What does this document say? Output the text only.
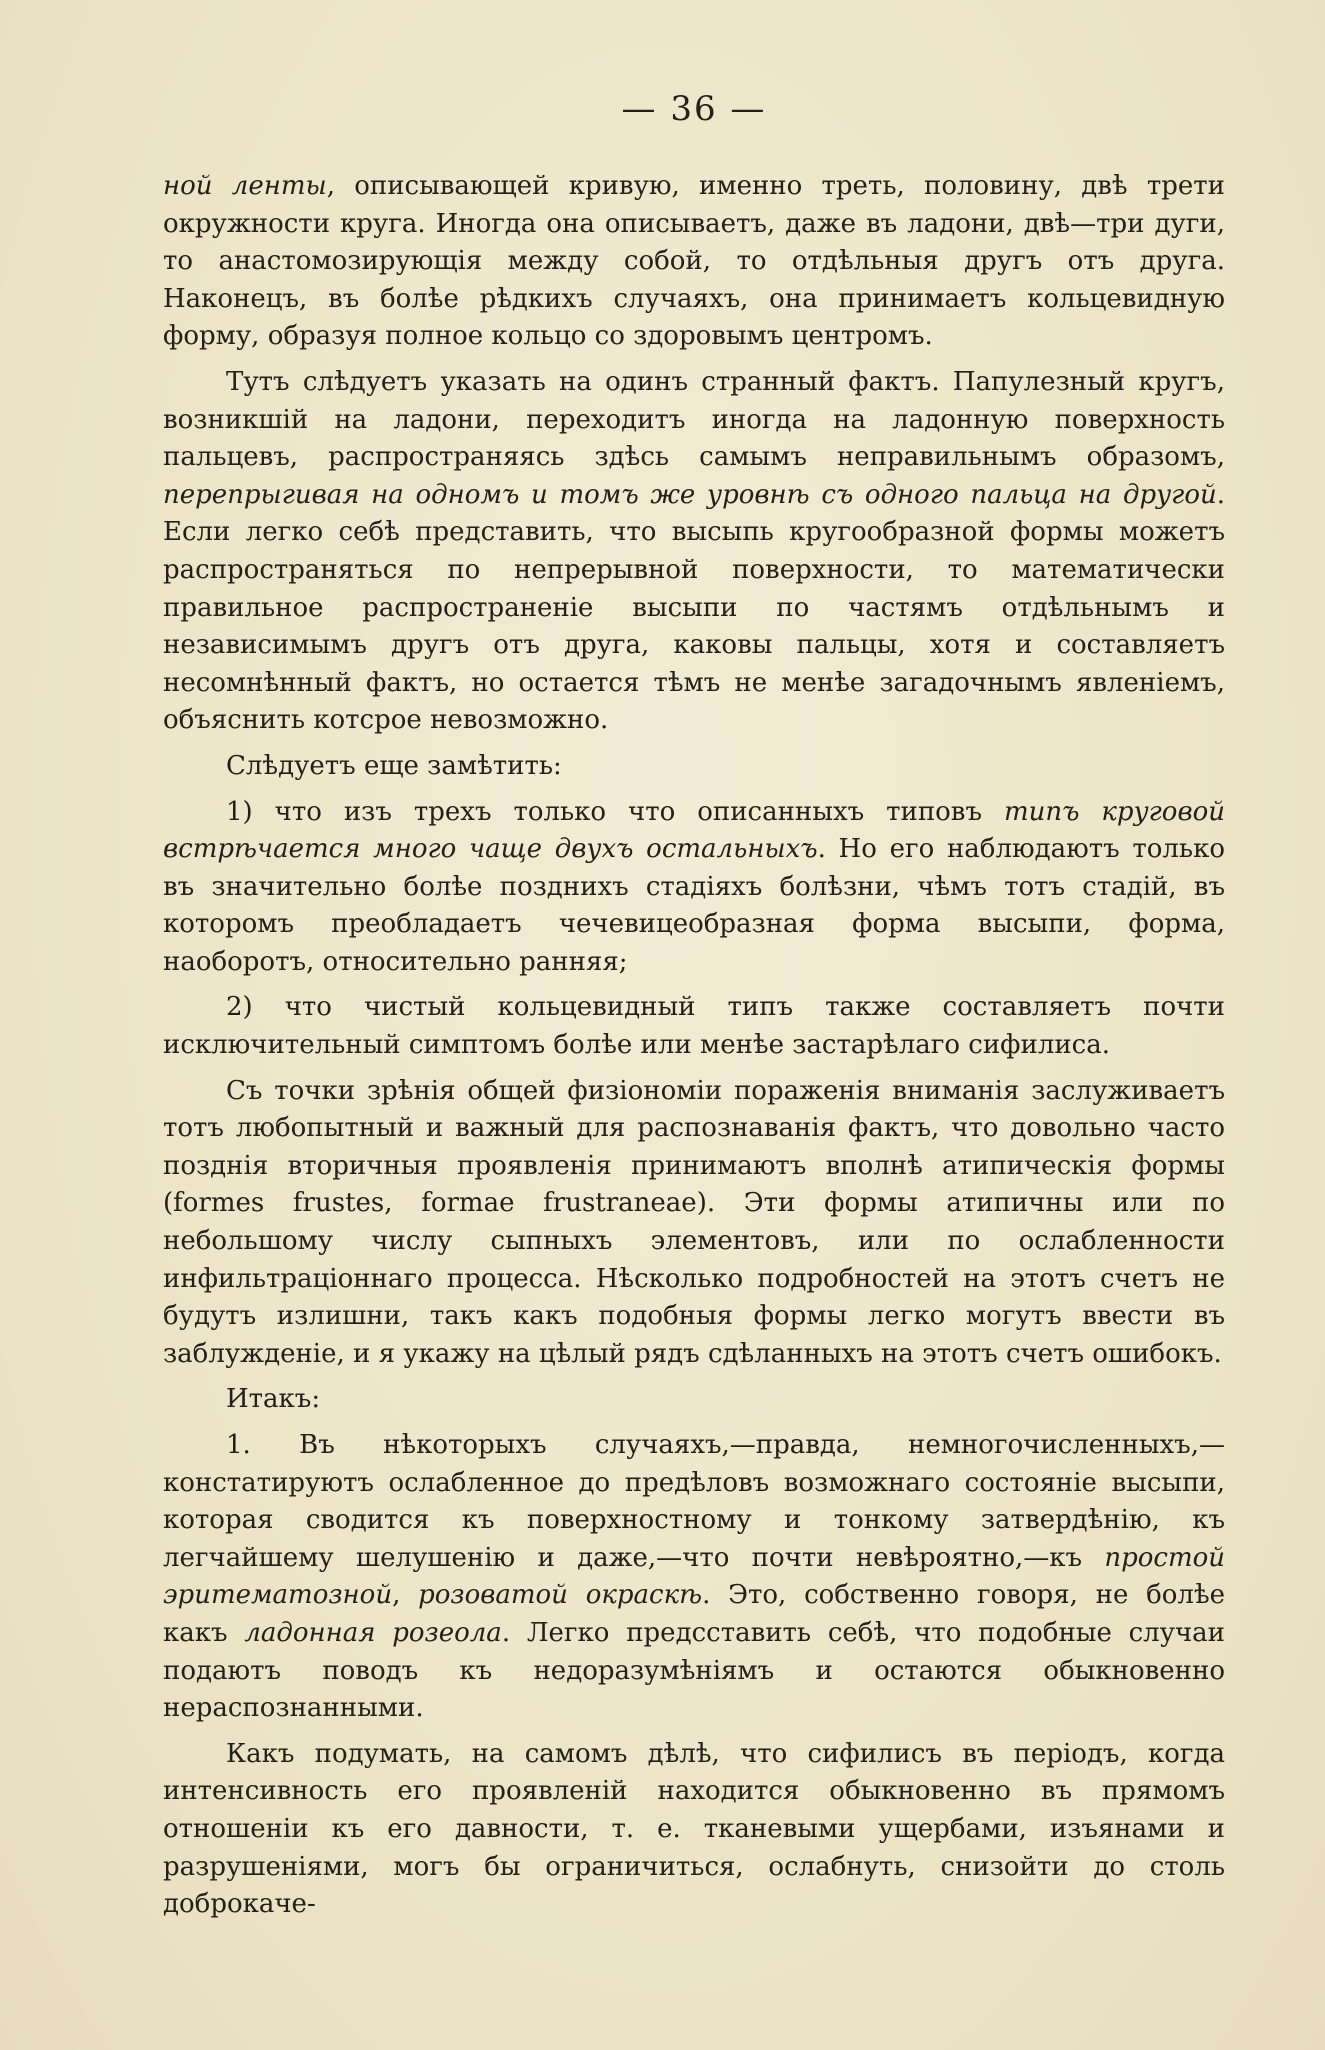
— 36 —

ной ленты, описывающей кривую, именно треть, половину, двѣ трети окружности круга. Иногда она описываетъ, даже въ ладони, двѣ—три дуги, то анастомозирующія между собой, то отдѣльныя другъ отъ друга. Наконецъ, въ болѣе рѣдкихъ случаяхъ, она принимаетъ кольцевидную форму, образуя полное кольцо со здоровымъ центромъ.

Тутъ слѣдуетъ указать на одинъ странный фактъ. Папулезный кругъ, возникшій на ладони, переходитъ иногда на ладонную поверхность пальцевъ, распространяясь здѣсь самымъ неправильнымъ образомъ, перепрыгивая на одномъ и томъ же уровнѣ съ одного пальца на другой. Если легко себѣ представить, что высыпь кругообразной формы можетъ распространяться по непрерывной поверхности, то математически правильное распространеніе высыпи по частямъ отдѣльнымъ и независимымъ другъ отъ друга, каковы пальцы, хотя и составляетъ несомнѣнный фактъ, но остается тѣмъ не менѣе загадочнымъ явленіемъ, объяснить котсрое невозможно.

Слѣдуетъ еще замѣтить:

1) что изъ трехъ только что описанныхъ типовъ типъ круговой встрѣчается много чаще двухъ остальныхъ. Но его наблюдаютъ только въ значительно болѣе позднихъ стадіяхъ болѣзни, чѣмъ тотъ стадій, въ которомъ преобладаетъ чечевицеобразная форма высыпи, форма, наоборотъ, относительно ранняя;

2) что чистый кольцевидный типъ также составляетъ почти исключительный симптомъ болѣе или менѣе застарѣлаго сифилиса.

Съ точки зрѣнія общей физіономіи пораженія вниманія заслуживаетъ тотъ любопытный и важный для распознаванія фактъ, что довольно часто позднія вторичныя проявленія принимаютъ вполнѣ атипическія формы (formes frustes, formae frustraneae). Эти формы атипичны или по небольшому числу сыпныхъ элементовъ, или по ослабленности инфильтраціоннаго процесса. Нѣсколько подробностей на этотъ счетъ не будутъ излишни, такъ какъ подобныя формы легко могутъ ввести въ заблужденіе, и я укажу на цѣлый рядъ сдѣланныхъ на этотъ счетъ ошибокъ.

Итакъ:

1. Въ нѣкоторыхъ случаяхъ,—правда, немногочисленныхъ,—констатируютъ ослабленное до предѣловъ возможнаго состояніе высыпи, которая сводится къ поверхностному и тонкому затвердѣнію, къ легчайшему шелушенію и даже,—что почти невѣроятно,—къ простой эритематозной, розоватой окраскѣ. Это, собственно говоря, не болѣе какъ ладонная розеола. Легко предсставить себѣ, что подобные случаи подаютъ поводъ къ недоразумѣніямъ и остаются обыкновенно нераспознанными.

Какъ подумать, на самомъ дѣлѣ, что сифилисъ въ періодъ, когда интенсивность его проявленій находится обыкновенно въ прямомъ отношеніи къ его давности, т. е. тканевыми ущербами, изъянами и разрушеніями, могъ бы ограничиться, ослабнуть, снизойти до столь доброкаче-
